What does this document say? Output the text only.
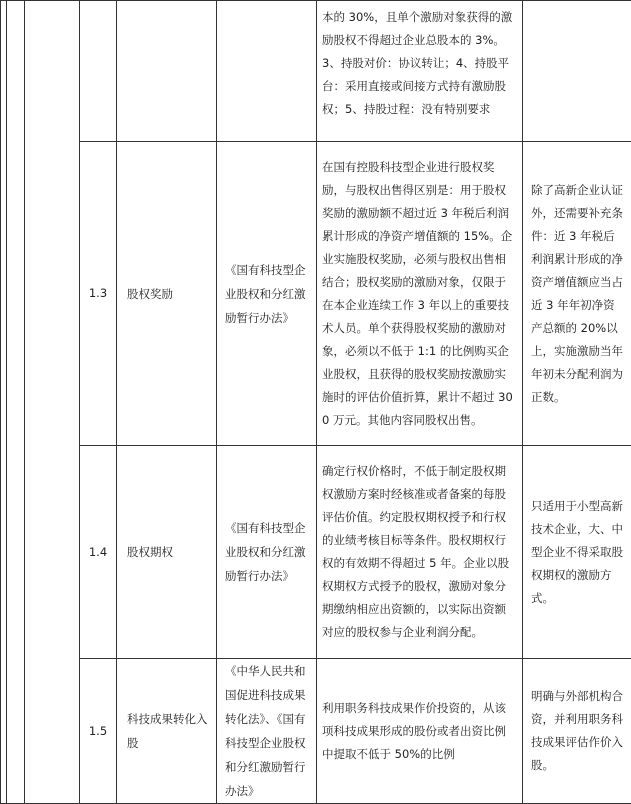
						本的 30%，且单个激励对象获得的激励股权不得超过企业总股本的 3%。3、持股对价：协议转让；4、持股平台：采用直接或间接方式持有激励股权；5、持股过程：没有特别要求	
			1.3	股权奖励	《国有科技型企业股权和分红激励暂行办法》	在国有控股科技型企业进行股权奖励，与股权出售得区别是：用于股权奖励的激励额不超过近 3 年税后利润累计形成的净资产增值额的 15%。企业实施股权奖励，必须与股权出售相结合；股权奖励的激励对象，仅限于在本企业连续工作 3 年以上的重要技术人员。单个获得股权奖励的激励对象，必须以不低于 1:1 的比例购买企业股权，且获得的股权奖励按激励实施时的评估价值折算，累计不超过 300 万元。其他内容同股权出售。	除了高新企业认证外，还需要补充条件：近 3 年税后利润累计形成的净资产增值额应当占近 3 年年初净资产总额的 20%以上，实施激励当年年初未分配利润为正数。
			1.4	股权期权	《国有科技型企业股权和分红激励暂行办法》	确定行权价格时，不低于制定股权期权激励方案时经核准或者备案的每股评估价值。约定股权期权授予和行权的业绩考核目标等条件。股权期权行权的有效期不得超过 5 年。企业以股权期权方式授予的股权，激励对象分期缴纳相应出资额的，以实际出资额对应的股权参与企业利润分配。	只适用于小型高新技术企业，大、中型企业不得采取股权期权的激励方式。
			1.5	科技成果转化入股	《中华人民共和国促进科技成果转化法》、《国有科技型企业股权和分红激励暂行办法》	利用职务科技成果作价投资的，从该项科技成果形成的股份或者出资比例中提取不低于 50%的比例	明确与外部机构合资，并利用职务科技成果评估作价入股。
